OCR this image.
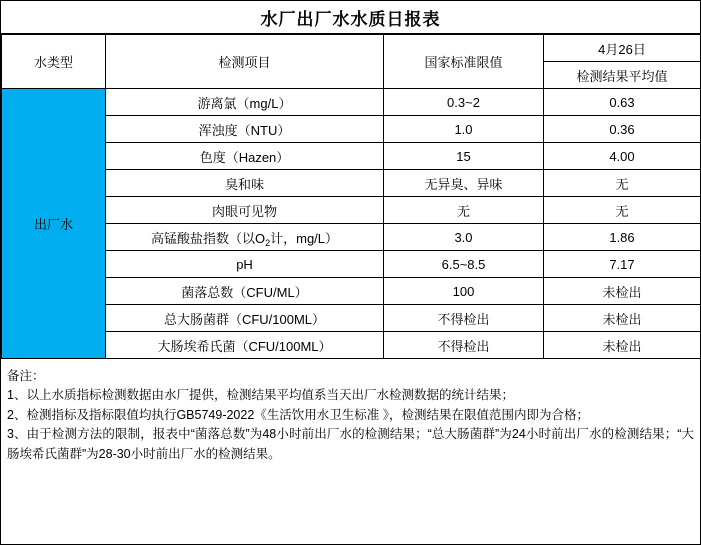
水厂出厂水水质日报表
水类型	检测项目	国家标准限值	4月26日
			检测结果平均值
出厂水	游离氯（mg/L）	0.3~2	0.63
	浑浊度（NTU）	1.0	0.36
	色度（Hazen）	15	4.00
	臭和味	无异臭、异味	无
	肉眼可见物	无	无
	高锰酸盐指数（以$O_2$计，mg/L）	3.0	1.86
	pH	6.5~8.5	7.17
	菌落总数（CFU/ML）	100	未检出
	总大肠菌群（CFU/100ML）	不得检出	未检出
	大肠埃希氏菌（CFU/100ML）	不得检出	未检出
备注：
1、以上水质指标检测数据由水厂提供，检测结果平均值系当天出厂水检测数据的统计结果；
2、检测指标及指标限值均执行GB5749-2022《生活饮用水卫生标准 》，检测结果在限值范围内即为合格；
3、由于检测方法的限制，报表中“菌落总数”为48小时前出厂水的检测结果；“总大肠菌群”为24小时前出厂水的检测结果；“大肠埃希氏菌群”为28-30小时前出厂水的检测结果。
